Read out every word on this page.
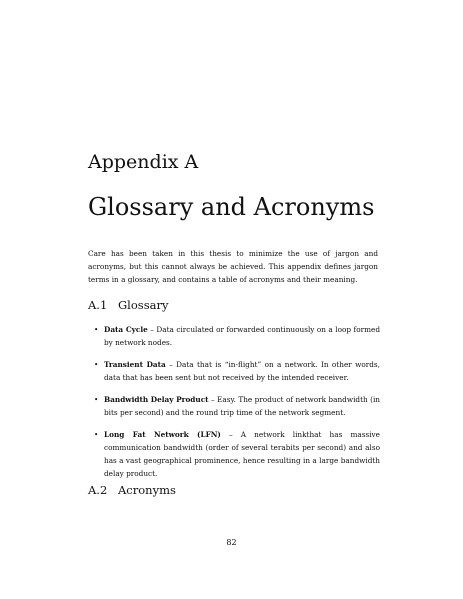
Appendix A
Glossary and Acronyms

Care has been taken in this thesis to minimize the use of jargon and acronyms, but this cannot always be achieved. This appendix defines jargon terms in a glossary, and contains a table of acronyms and their meaning.

A.1 Glossary
• Data Cycle – Data circulated or forwarded continuously on a loop formed by network nodes.
• Transient Data – Data that is “in-flight” on a network. In other words, data that has been sent but not received by the intended receiver.
• Bandwidth Delay Product – Easy. The product of network bandwidth (in bits per second) and the round trip time of the network segment.
• Long Fat Network (LFN) – A network linkthat has massive communication bandwidth (order of several terabits per second) and also has a vast geographical prominence, hence resulting in a large bandwidth delay product.
A.2 Acronyms
82
